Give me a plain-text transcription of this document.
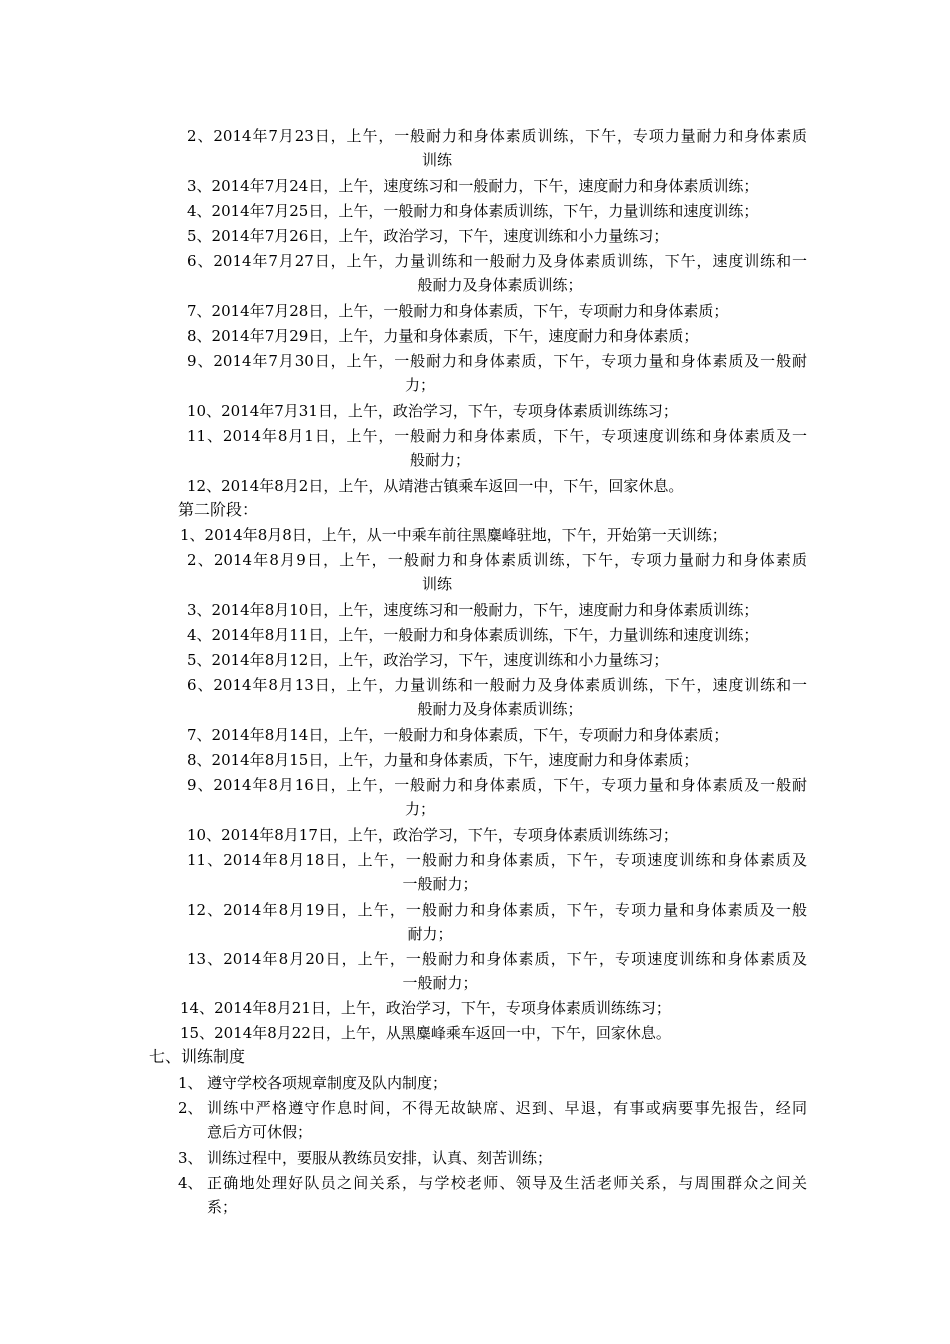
2、2014年7月23日，上午，一般耐力和身体素质训练，下午，专项力量耐力和身体素质
训练
3、2014年7月24日，上午，速度练习和一般耐力，下午，速度耐力和身体素质训练；
4、2014年7月25日，上午，一般耐力和身体素质训练，下午，力量训练和速度训练；
5、2014年7月26日，上午，政治学习，下午，速度训练和小力量练习；
6、2014年7月27日，上午，力量训练和一般耐力及身体素质训练，下午，速度训练和一
般耐力及身体素质训练；
7、2014年7月28日，上午，一般耐力和身体素质，下午，专项耐力和身体素质；
8、2014年7月29日，上午，力量和身体素质，下午，速度耐力和身体素质；
9、2014年7月30日，上午，一般耐力和身体素质，下午，专项力量和身体素质及一般耐
力；
10、2014年7月31日，上午，政治学习，下午，专项身体素质训练练习；
11、2014年8月1日，上午，一般耐力和身体素质，下午，专项速度训练和身体素质及一
般耐力；
12、2014年8月2日，上午，从靖港古镇乘车返回一中，下午，回家休息。
第二阶段：
1、2014年8月8日，上午，从一中乘车前往黑麋峰驻地，下午，开始第一天训练；
2、2014年8月9日，上午，一般耐力和身体素质训练，下午，专项力量耐力和身体素质
训练
3、2014年8月10日，上午，速度练习和一般耐力，下午，速度耐力和身体素质训练；
4、2014年8月11日，上午，一般耐力和身体素质训练，下午，力量训练和速度训练；
5、2014年8月12日，上午，政治学习，下午，速度训练和小力量练习；
6、2014年8月13日，上午，力量训练和一般耐力及身体素质训练，下午，速度训练和一
般耐力及身体素质训练；
7、2014年8月14日，上午，一般耐力和身体素质，下午，专项耐力和身体素质；
8、2014年8月15日，上午，力量和身体素质，下午，速度耐力和身体素质；
9、2014年8月16日，上午，一般耐力和身体素质，下午，专项力量和身体素质及一般耐
力；
10、2014年8月17日，上午，政治学习，下午，专项身体素质训练练习；
11、2014年8月18日，上午，一般耐力和身体素质，下午，专项速度训练和身体素质及
一般耐力；
12、2014年8月19日，上午，一般耐力和身体素质，下午，专项力量和身体素质及一般
耐力；
13、2014年8月20日，上午，一般耐力和身体素质，下午，专项速度训练和身体素质及
一般耐力；
14、2014年8月21日，上午，政治学习，下午，专项身体素质训练练习；
15、2014年8月22日，上午，从黑麋峰乘车返回一中，下午，回家休息。
七、训练制度
1、 遵守学校各项规章制度及队内制度；
2、 训练中严格遵守作息时间，不得无故缺席、迟到、早退，有事或病要事先报告，经同
意后方可休假；
3、 训练过程中，要服从教练员安排，认真、刻苦训练；
4、 正确地处理好队员之间关系，与学校老师、领导及生活老师关系，与周围群众之间关
系；
